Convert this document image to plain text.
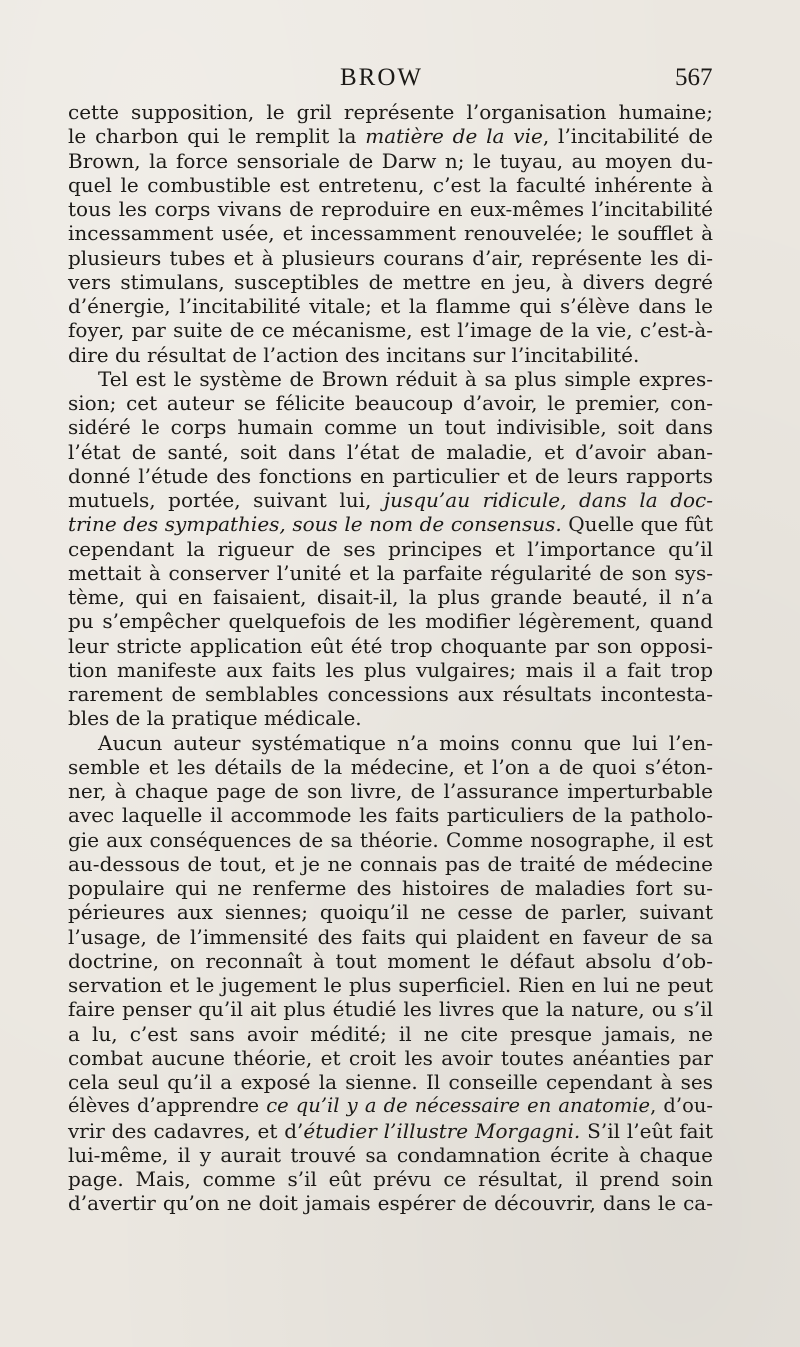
BROW	567
cette supposition, le gril représente l’organisation humaine;
le charbon qui le remplit la matière de la vie, l’incitabilité de
Brown, la force sensoriale de Darw n; le tuyau, au moyen du-
quel le combustible est entretenu, c’est la faculté inhérente à
tous les corps vivans de reproduire en eux-mêmes l’incitabilité
incessamment usée, et incessamment renouvelée; le soufflet à
plusieurs tubes et à plusieurs courans d’air, représente les di-
vers stimulans, susceptibles de mettre en jeu, à divers degré
d’énergie, l’incitabilité vitale; et la flamme qui s’élève dans le
foyer, par suite de ce mécanisme, est l’image de la vie, c’est-à-
dire du résultat de l’action des incitans sur l’incitabilité.
Tel est le système de Brown réduit à sa plus simple expres-
sion; cet auteur se félicite beaucoup d’avoir, le premier, con-
sidéré le corps humain comme un tout indivisible, soit dans
l’état de santé, soit dans l’état de maladie, et d’avoir aban-
donné l’étude des fonctions en particulier et de leurs rapports
mutuels, portée, suivant lui, jusqu’au ridicule, dans la doc-
trine des sympathies, sous le nom de consensus. Quelle que fût
cependant la rigueur de ses principes et l’importance qu’il
mettait à conserver l’unité et la parfaite régularité de son sys-
tème, qui en faisaient, disait-il, la plus grande beauté, il n’a
pu s’empêcher quelquefois de les modifier légèrement, quand
leur stricte application eût été trop choquante par son opposi-
tion manifeste aux faits les plus vulgaires; mais il a fait trop
rarement de semblables concessions aux résultats incontesta-
bles de la pratique médicale.
Aucun auteur systématique n’a moins connu que lui l’en-
semble et les détails de la médecine, et l’on a de quoi s’éton-
ner, à chaque page de son livre, de l’assurance imperturbable
avec laquelle il accommode les faits particuliers de la patholo-
gie aux conséquences de sa théorie. Comme nosographe, il est
au-dessous de tout, et je ne connais pas de traité de médecine
populaire qui ne renferme des histoires de maladies fort su-
périeures aux siennes; quoiqu’il ne cesse de parler, suivant
l’usage, de l’immensité des faits qui plaident en faveur de sa
doctrine, on reconnaît à tout moment le défaut absolu d’ob-
servation et le jugement le plus superficiel. Rien en lui ne peut
faire penser qu’il ait plus étudié les livres que la nature, ou s’il
a lu, c’est sans avoir médité; il ne cite presque jamais, ne
combat aucune théorie, et croit les avoir toutes anéanties par
cela seul qu’il a exposé la sienne. Il conseille cependant à ses
élèves d’apprendre ce qu’il y a de nécessaire en anatomie, d’ou-
vrir des cadavres, et d’étudier l’illustre Morgagni. S’il l’eût fait
lui-même, il y aurait trouvé sa condamnation écrite à chaque
page. Mais, comme s’il eût prévu ce résultat, il prend soin
d’avertir qu’on ne doit jamais espérer de découvrir, dans le ca-
